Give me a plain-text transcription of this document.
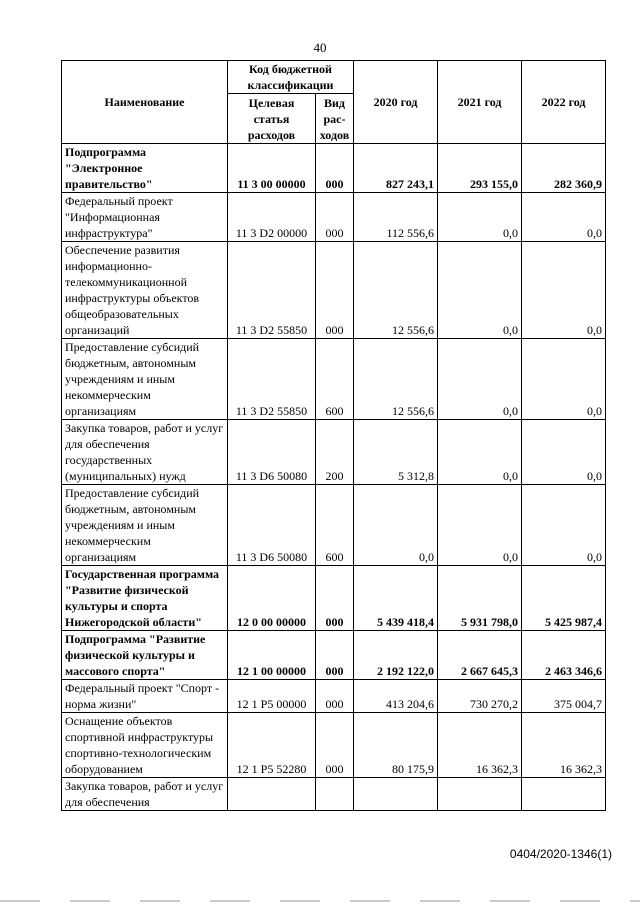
40
Наименование	Код бюджетной классификации		2020 год	2021 год	2022 год
	Целевая статья расходов	Вид рас-ходов			
Подпрограмма "Электронное правительство"	11 3 00 00000	000	827 243,1	293 155,0	282 360,9
Федеральный проект "Информационная инфраструктура"	11 3 D2 00000	000	112 556,6	0,0	0,0
Обеспечение развития информационно-телекоммуникационной инфраструктуры объектов общеобразовательных организаций	11 3 D2 55850	000	12 556,6	0,0	0,0
Предоставление субсидий бюджетным, автономным учреждениям и иным некоммерческим организациям	11 3 D2 55850	600	12 556,6	0,0	0,0
Закупка товаров, работ и услуг для обеспечения государственных (муниципальных) нужд	11 3 D6 50080	200	5 312,8	0,0	0,0
Предоставление субсидий бюджетным, автономным учреждениям и иным некоммерческим организациям	11 3 D6 50080	600	0,0	0,0	0,0
Государственная программа "Развитие физической культуры и спорта Нижегородской области"	12 0 00 00000	000	5 439 418,4	5 931 798,0	5 425 987,4
Подпрограмма "Развитие физической культуры и массового спорта"	12 1 00 00000	000	2 192 122,0	2 667 645,3	2 463 346,6
Федеральный проект "Спорт - норма жизни"	12 1 P5 00000	000	413 204,6	730 270,2	375 004,7
Оснащение объектов спортивной инфраструктуры спортивно-технологическим оборудованием	12 1 P5 52280	000	80 175,9	16 362,3	16 362,3
Закупка товаров, работ и услуг для обеспечения					
0404/2020-1346(1)
